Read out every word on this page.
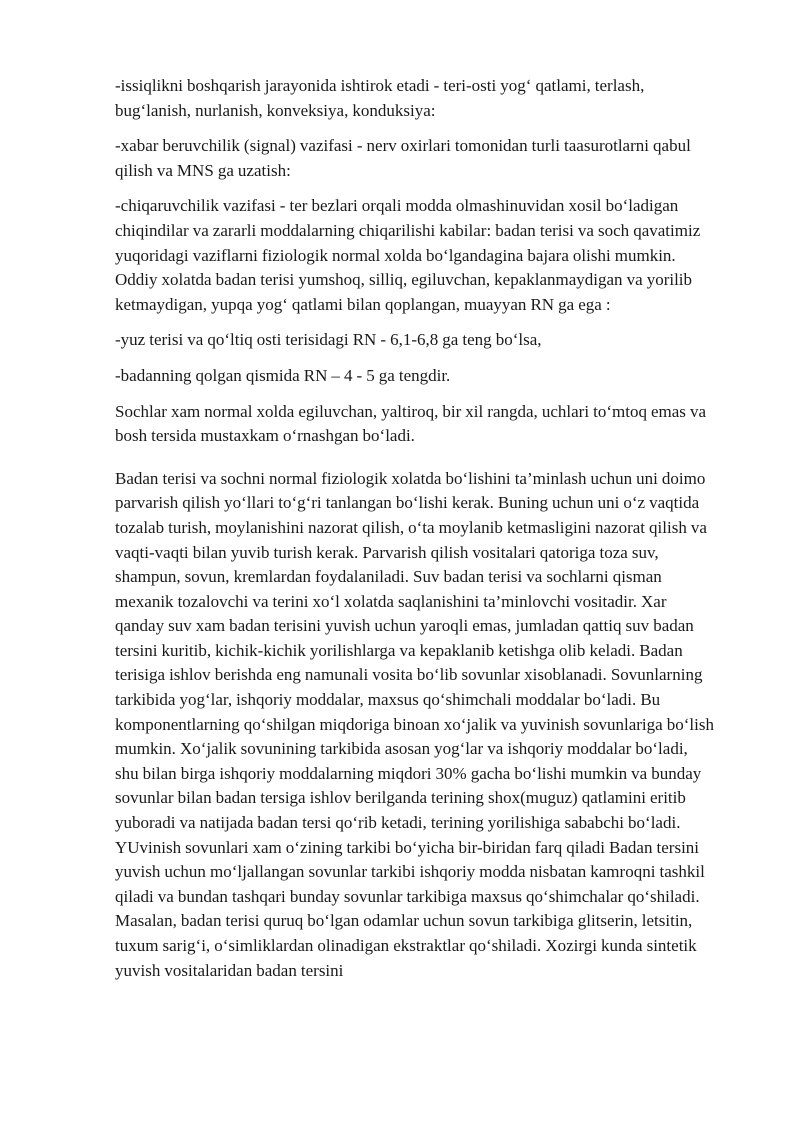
-issiqlikni boshqarish jarayonida ishtirok etadi - teri-osti yog‘ qatlami, terlash, bug‘lanish, nurlanish, konveksiya, konduksiya:

-xabar beruvchilik (signal) vazifasi - nerv oxirlari tomonidan turli taasurotlarni qabul qilish va MNS ga uzatish:

-chiqaruvchilik vazifasi - ter bezlari orqali modda olmashinuvidan xosil bo‘ladigan chiqindilar va zararli moddalarning chiqarilishi kabilar: badan terisi va soch qavatimiz yuqoridagi vaziflarni fiziologik normal xolda bo‘lgandagina bajara olishi mumkin. Oddiy xolatda badan terisi yumshoq, silliq, egiluvchan, kepaklanmaydigan va yorilib ketmaydigan, yupqa yog‘ qatlami bilan qoplangan, muayyan RN ga ega :

-yuz terisi va qo‘ltiq osti terisidagi RN - 6,1-6,8 ga teng bo‘lsa,

-badanning qolgan qismida RN – 4 - 5 ga tengdir.

Sochlar xam normal xolda egiluvchan, yaltiroq, bir xil rangda, uchlari to‘mtoq emas va bosh tersida mustaxkam o‘rnashgan bo‘ladi.

Badan terisi va sochni normal fiziologik xolatda bo‘lishini ta’minlash uchun uni doimo parvarish qilish yo‘llari to‘g‘ri tanlangan bo‘lishi kerak. Buning uchun uni o‘z vaqtida tozalab turish, moylanishini nazorat qilish, o‘ta moylanib ketmasligini nazorat qilish va vaqti-vaqti bilan yuvib turish kerak. Parvarish qilish vositalari qatoriga toza suv, shampun, sovun, kremlardan foydalaniladi. Suv badan terisi va sochlarni qisman mexanik tozalovchi va terini xo‘l xolatda saqlanishini ta’minlovchi vositadir. Xar qanday suv xam badan terisini yuvish uchun yaroqli emas, jumladan qattiq suv badan tersini kuritib, kichik-kichik yorilishlarga va kepaklanib ketishga olib keladi. Badan terisiga ishlov berishda eng namunali vosita bo‘lib sovunlar xisoblanadi. Sovunlarning tarkibida yog‘lar, ishqoriy moddalar, maxsus qo‘shimchali moddalar bo‘ladi. Bu komponentlarning qo‘shilgan miqdoriga binoan xo‘jalik va yuvinish sovunlariga bo‘lish mumkin. Xo‘jalik sovunining tarkibida asosan yog‘lar va ishqoriy moddalar bo‘ladi, shu bilan birga ishqoriy moddalarning miqdori 30% gacha bo‘lishi mumkin va bunday sovunlar bilan badan tersiga ishlov berilganda terining shox(muguz) qatlamini eritib yuboradi va natijada badan tersi qo‘rib ketadi, terining yorilishiga sababchi bo‘ladi. YUvinish sovunlari xam o‘zining tarkibi bo‘yicha bir-biridan farq qiladi Badan tersini yuvish uchun mo‘ljallangan sovunlar tarkibi ishqoriy modda nisbatan kamroqni tashkil qiladi va bundan tashqari bunday sovunlar tarkibiga maxsus qo‘shimchalar qo‘shiladi. Masalan, badan terisi quruq bo‘lgan odamlar uchun sovun tarkibiga glitserin, letsitin, tuxum sarig‘i, o‘simliklardan olinadigan ekstraktlar qo‘shiladi. Xozirgi kunda sintetik yuvish vositalaridan badan tersini
